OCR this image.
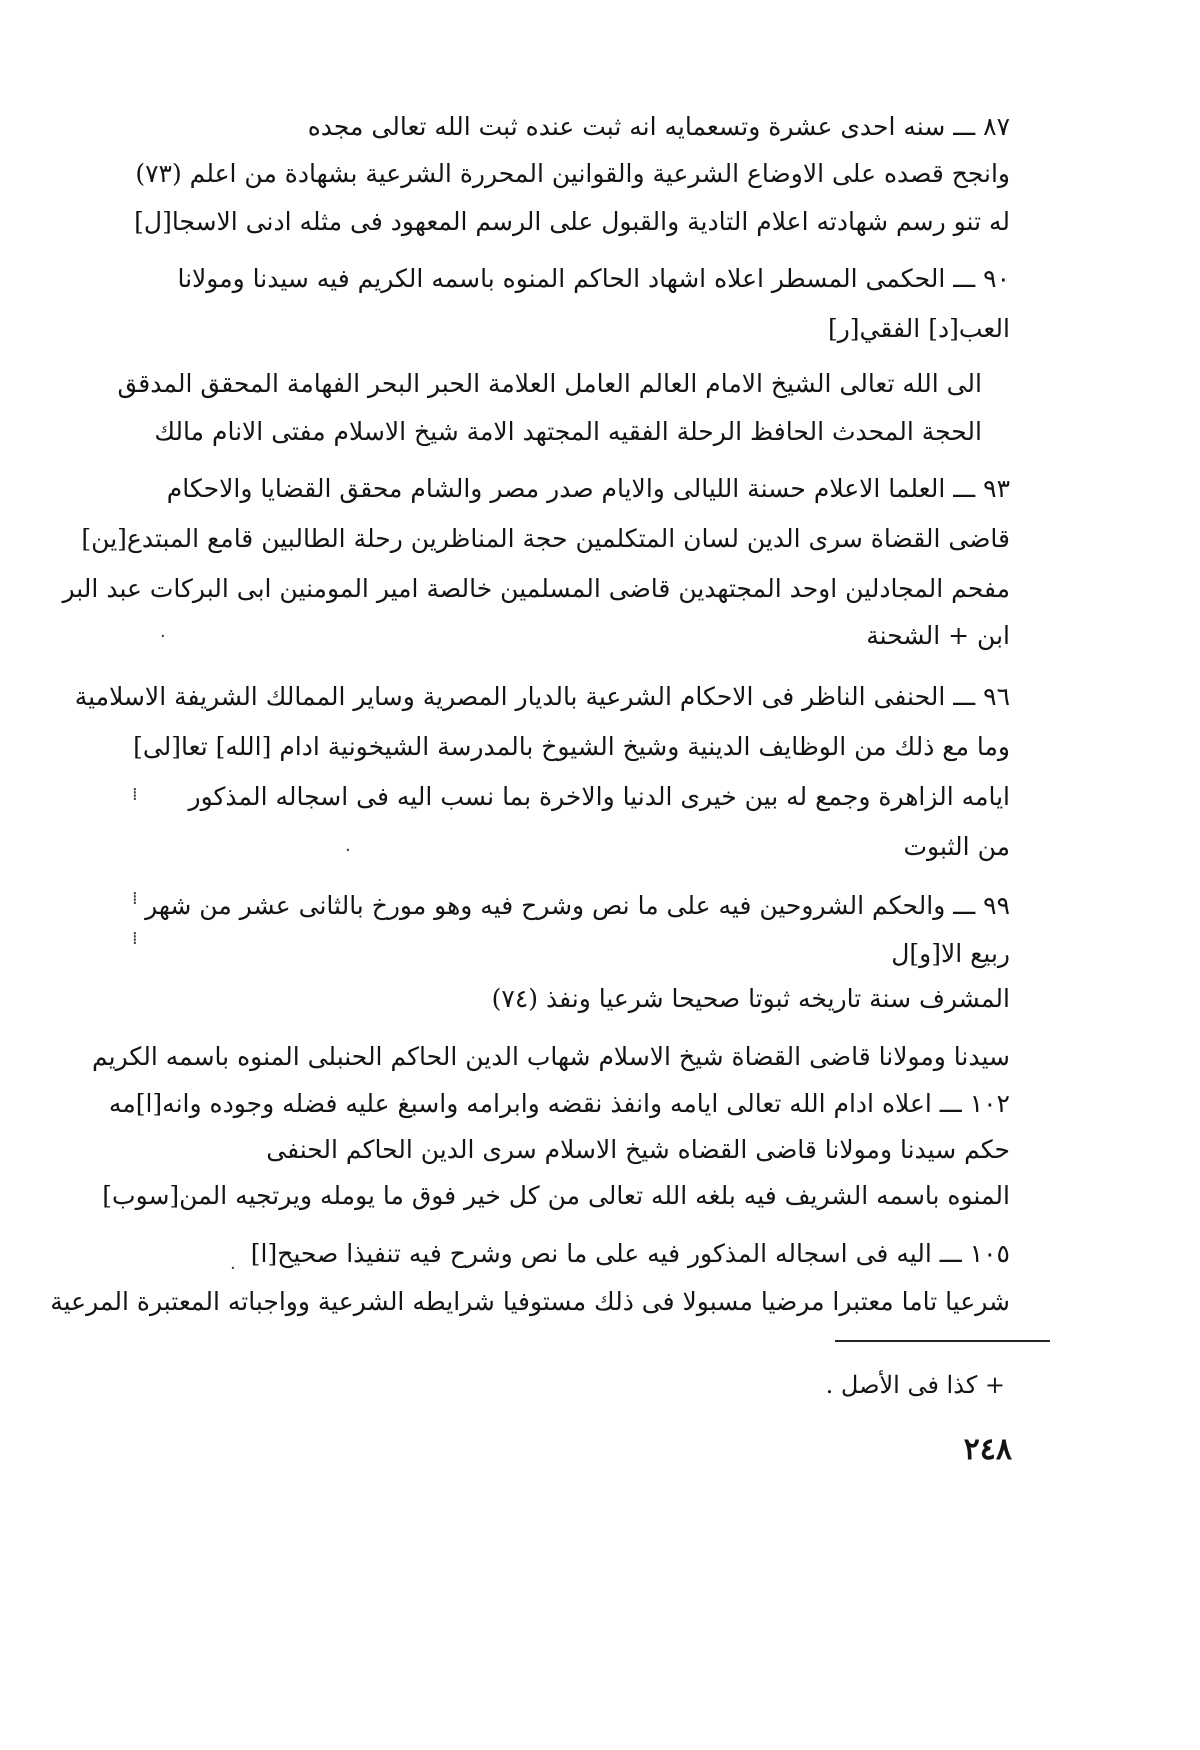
٨٧ ـــ سنه احدى عشرة وتسعمايه انه ثبت عنده ثبت الله تعالى مجده
وانجح قصده على الاوضاع الشرعية والقوانين المحررة الشرعية بشهادة من اعلم (٧٣)
له تنو رسم شهادته اعلام التادية والقبول على الرسم المعهود فى مثله ادنى الاسجا[ل]
٩٠ ـــ الحكمى المسطر اعلاه اشهاد الحاكم المنوه باسمه الكريم فيه سيدنا ومولانا
العب[د] الفقي[ر]
الى الله تعالى الشيخ الامام العالم العامل العلامة الحبر البحر الفهامة المحقق المدقق
الحجة المحدث الحافظ الرحلة الفقيه المجتهد الامة شيخ الاسلام مفتى الانام مالك
٩٣ ـــ العلما الاعلام حسنة الليالى والايام صدر مصر والشام محقق القضايا والاحكام
قاضى القضاة سرى الدين لسان المتكلمين حجة المناظرين رحلة الطالبين قامع المبتدع[ين]
مفحم المجادلين اوحد المجتهدين قاضى المسلمين خالصة امير المومنين ابى البركات عبد البر
ابن + الشحنة
٩٦ ـــ الحنفى الناظر فى الاحكام الشرعية بالديار المصرية وساير الممالك الشريفة الاسلامية
وما مع ذلك من الوظايف الدينية وشيخ الشيوخ بالمدرسة الشيخونية ادام [الله] تعا[لى]
ايامه الزاهرة وجمع له بين خيرى الدنيا والاخرة بما نسب اليه فى اسجاله المذكور
من الثبوت
٩٩ ـــ والحكم الشروحين فيه على ما نص وشرح فيه وهو مورخ بالثانى عشر من شهر
ربيع الا[و]ل
المشرف سنة تاريخه ثبوتا صحيحا شرعيا ونفذ (٧٤)
سيدنا ومولانا قاضى القضاة شيخ الاسلام شهاب الدين الحاكم الحنبلى المنوه باسمه الكريم
١٠٢ ـــ اعلاه ادام الله تعالى ايامه وانفذ نقضه وابرامه واسبغ عليه فضله وجوده وانه[ا]مه
حكم سيدنا ومولانا قاضى القضاه شيخ الاسلام سرى الدين الحاكم الحنفى
المنوه باسمه الشريف فيه بلغه الله تعالى من كل خير فوق ما يومله ويرتجيه المن[سوب]
١٠٥ ـــ اليه فى اسجاله المذكور فيه على ما نص وشرح فيه تنفيذا صحيح[ا]
شرعيا تاما معتبرا مرضيا مسبولا فى ذلك مستوفيا شرايطه الشرعية وواجباته المعتبرة المرعية
·
⁞
⁞
⁞
·
·
+ كذا فى الأصل .
٢٤٨
